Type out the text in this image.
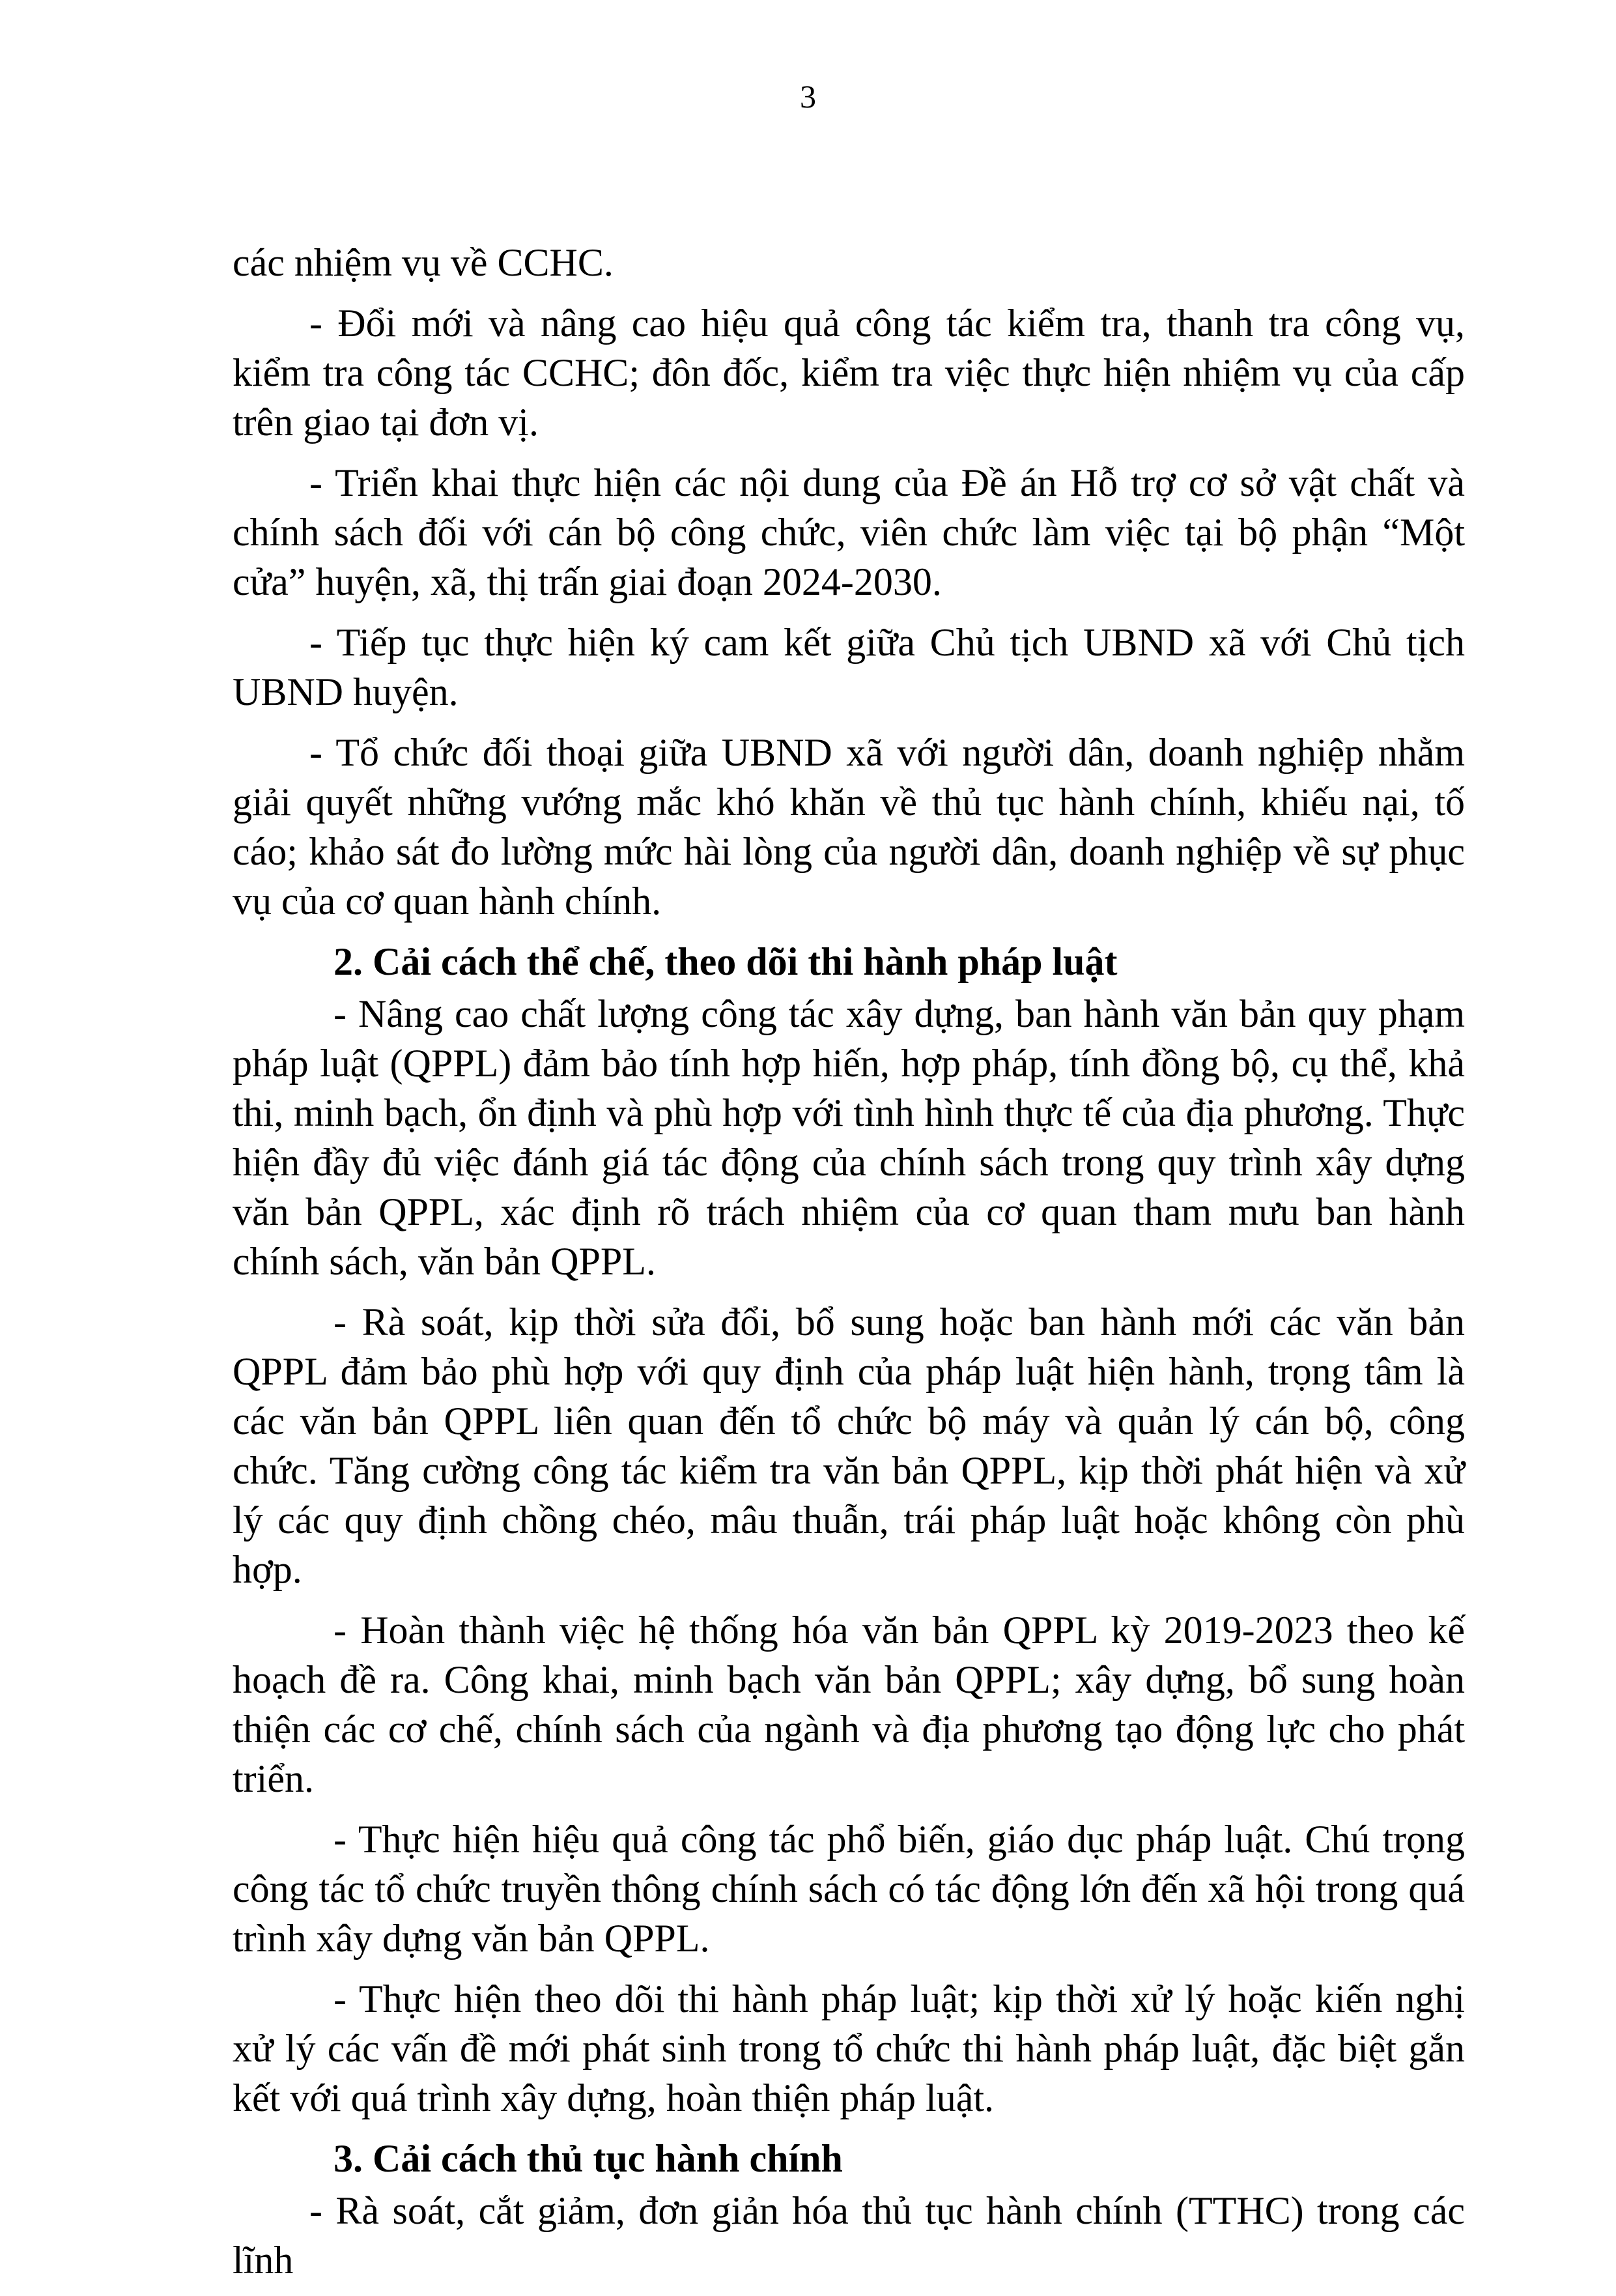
3

các nhiệm vụ về CCHC.

- Đổi mới và nâng cao hiệu quả công tác kiểm tra, thanh tra công vụ, kiểm tra công tác CCHC; đôn đốc, kiểm tra việc thực hiện nhiệm vụ của cấp trên giao tại đơn vị.

- Triển khai thực hiện các nội dung của Đề án Hỗ trợ cơ sở vật chất và chính sách đối với cán bộ công chức, viên chức làm việc tại bộ phận “Một cửa” huyện, xã, thị trấn giai đoạn 2024-2030.

- Tiếp tục thực hiện ký cam kết giữa Chủ tịch UBND xã với Chủ tịch UBND huyện.

- Tổ chức đối thoại giữa UBND xã với người dân, doanh nghiệp nhằm giải quyết những vướng mắc khó khăn về thủ tục hành chính, khiếu nại, tố cáo; khảo sát đo lường mức hài lòng của người dân, doanh nghiệp về sự phục vụ của cơ quan hành chính.

2. Cải cách thể chế, theo dõi thi hành pháp luật

- Nâng cao chất lượng công tác xây dựng, ban hành văn bản quy phạm pháp luật (QPPL) đảm bảo tính hợp hiến, hợp pháp, tính đồng bộ, cụ thể, khả thi, minh bạch, ổn định và phù hợp với tình hình thực tế của địa phương. Thực hiện đầy đủ việc đánh giá tác động của chính sách trong quy trình xây dựng văn bản QPPL, xác định rõ trách nhiệm của cơ quan tham mưu ban hành chính sách, văn bản QPPL.

- Rà soát, kịp thời sửa đổi, bổ sung hoặc ban hành mới các văn bản QPPL đảm bảo phù hợp với quy định của pháp luật hiện hành, trọng tâm là các văn bản QPPL liên quan đến tổ chức bộ máy và quản lý cán bộ, công chức. Tăng cường công tác kiểm tra văn bản QPPL, kịp thời phát hiện và xử lý các quy định chồng chéo, mâu thuẫn, trái pháp luật hoặc không còn phù hợp.

- Hoàn thành việc hệ thống hóa văn bản QPPL kỳ 2019-2023 theo kế hoạch đề ra. Công khai, minh bạch văn bản QPPL; xây dựng, bổ sung hoàn thiện các cơ chế, chính sách của ngành và địa phương tạo động lực cho phát triển.

- Thực hiện hiệu quả công tác phổ biến, giáo dục pháp luật. Chú trọng công tác tổ chức truyền thông chính sách có tác động lớn đến xã hội trong quá trình xây dựng văn bản QPPL.

- Thực hiện theo dõi thi hành pháp luật; kịp thời xử lý hoặc kiến nghị xử lý các vấn đề mới phát sinh trong tổ chức thi hành pháp luật, đặc biệt gắn kết với quá trình xây dựng, hoàn thiện pháp luật.

3. Cải cách thủ tục hành chính

- Rà soát, cắt giảm, đơn giản hóa thủ tục hành chính (TTHC) trong các lĩnh
